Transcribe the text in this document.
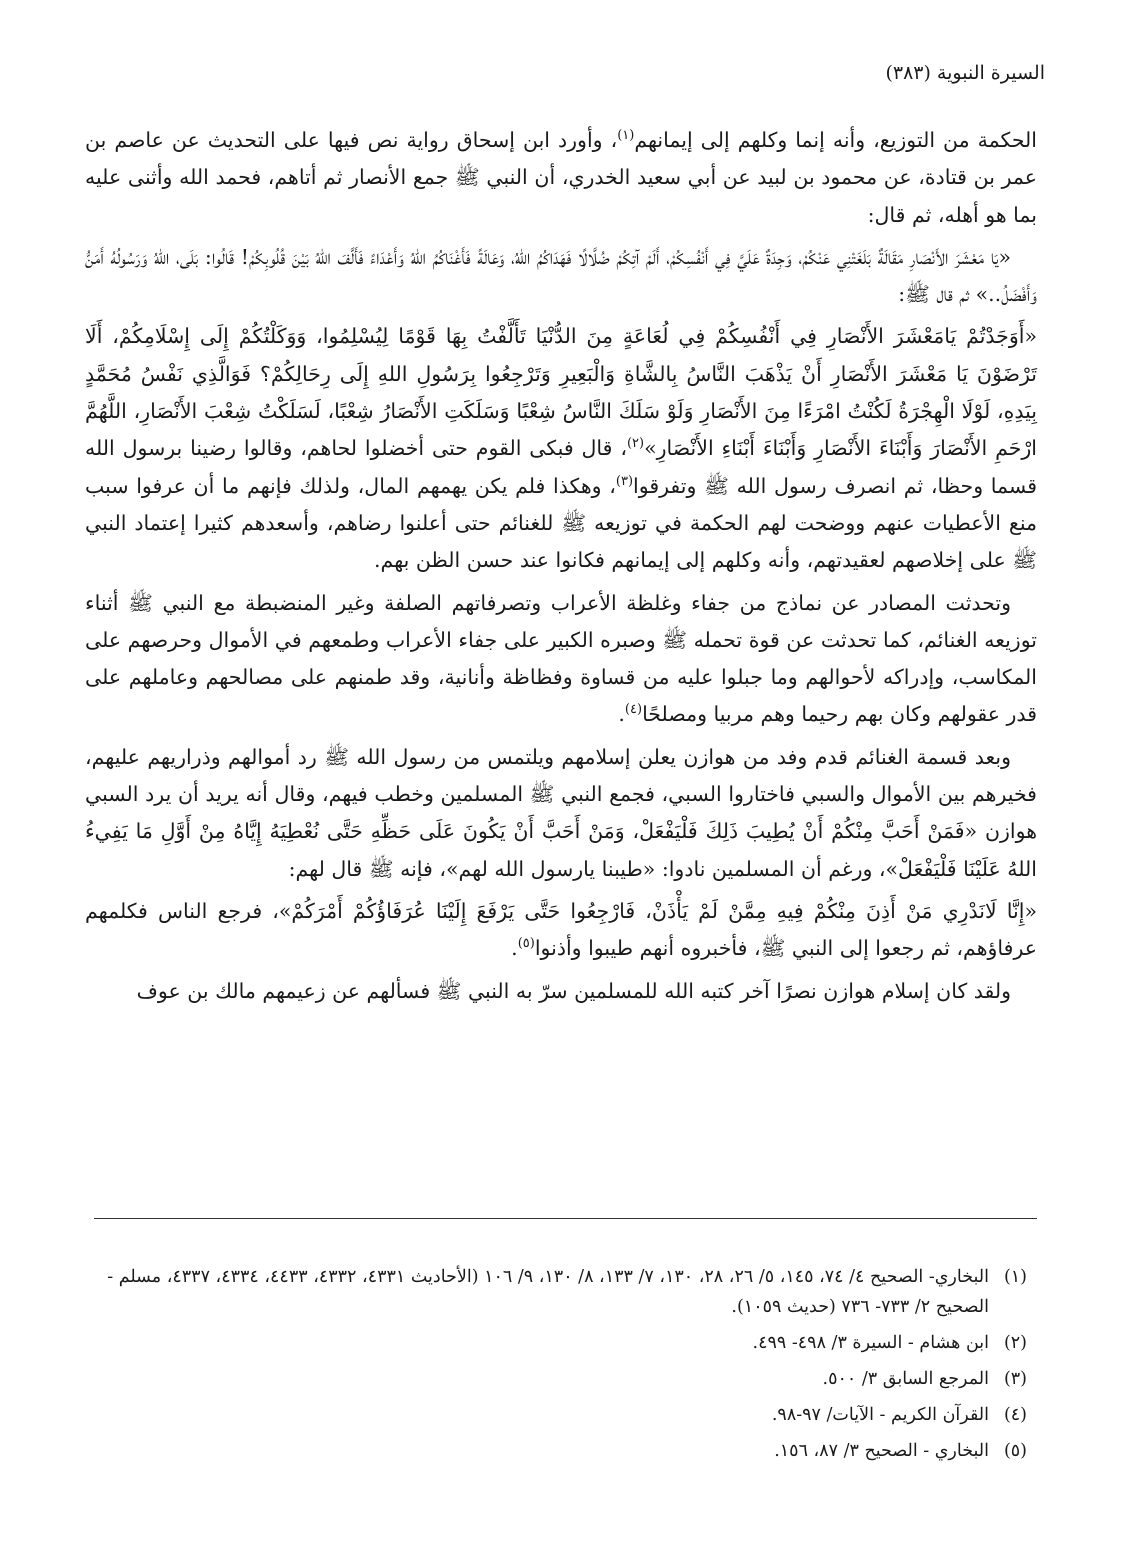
السيرة النبوية (٣٨٣)

الحكمة من التوزيع، وأنه إنما وكلهم إلى إيمانهم$^{(١)}$، وأورد ابن إسحاق رواية نص فيها على التحديث عن عاصم بن عمر بن قتادة، عن محمود بن لبيد عن أبي سعيد الخدري، أن النبي ﷺ جمع الأنصار ثم أتاهم، فحمد الله وأثنى عليه بما هو أهله، ثم قال:

«يَا مَعْشَرَ الأَنْصَارِ مَقَالَةٌ بَلَغَتْنِي عَنْكُمْ، وَجِدَةٌ عَلَيَّ فِي أَنْفُسِكُمْ، أَلَمْ آتِكُمْ ضُلَّالًا فَهَدَاكُمُ اللهُ، وَعَالَةً فَأَغْنَاكُمُ اللهُ وَأَعْدَاءً فَأَلَّفَ اللهُ بَيْنَ قُلُوبِكُمْ! قَالُوا: بَلَى، اللهُ وَرَسُولُهُ أَمَنُّ وَأَفْضَلُ..» ثم قال ﷺ:

«أَوَجَدْتُمْ يَامَعْشَرَ الأَنْصَارِ فِي أَنْفُسِكُمْ فِي لُعَاعَةٍ مِنَ الدُّنْيَا تَأَلَّفْتُ بِهَا قَوْمًا لِيُسْلِمُوا، وَوَكَلْتُكُمْ إِلَى إِسْلَامِكُمْ، أَلَا تَرْضَوْنَ يَا مَعْشَرَ الأَنْصَارِ أَنْ يَذْهَبَ النَّاسُ بِالشَّاةِ وَالْبَعِيرِ وَتَرْجِعُوا بِرَسُولِ اللهِ إِلَى رِحَالِكُمْ؟ فَوَالَّذِي نَفْسُ مُحَمَّدٍ بِيَدِهِ، لَوْلَا الْهِجْرَةُ لَكُنْتُ امْرَءًا مِنَ الأَنْصَارِ وَلَوْ سَلَكَ النَّاسُ شِعْبًا وَسَلَكَتِ الأَنْصَارُ شِعْبًا، لَسَلَكْتُ شِعْبَ الأَنْصَارِ، اللَّهُمَّ ارْحَمِ الأَنْصَارَ وَأَبْنَاءَ الأَنْصَارِ وَأَبْنَاءَ أَبْنَاءِ الأَنْصَارِ»$^{(٢)}$، قال فبكى القوم حتى أخضلوا لحاهم، وقالوا رضينا برسول الله قسما وحظا، ثم انصرف رسول الله ﷺ وتفرقوا$^{(٣)}$، وهكذا فلم يكن يهمهم المال، ولذلك فإنهم ما أن عرفوا سبب منع الأعطيات عنهم ووضحت لهم الحكمة في توزيعه ﷺ للغنائم حتى أعلنوا رضاهم، وأسعدهم كثيرا إعتماد النبي ﷺ على إخلاصهم لعقيدتهم، وأنه وكلهم إلى إيمانهم فكانوا عند حسن الظن بهم.

وتحدثت المصادر عن نماذج من جفاء وغلظة الأعراب وتصرفاتهم الصلفة وغير المنضبطة مع النبي ﷺ أثناء توزيعه الغنائم، كما تحدثت عن قوة تحمله ﷺ وصبره الكبير على جفاء الأعراب وطمعهم في الأموال وحرصهم على المكاسب، وإدراكه لأحوالهم وما جبلوا عليه من قساوة وفظاظة وأنانية، وقد طمنهم على مصالحهم وعاملهم على قدر عقولهم وكان بهم رحيما وهم مربيا ومصلحًا$^{(٤)}$.

وبعد قسمة الغنائم قدم وفد من هوازن يعلن إسلامهم ويلتمس من رسول الله ﷺ رد أموالهم وذراريهم عليهم، فخيرهم بين الأموال والسبي فاختاروا السبي، فجمع النبي ﷺ المسلمين وخطب فيهم، وقال أنه يريد أن يرد السبي هوازن «فَمَنْ أَحَبَّ مِنْكُمْ أَنْ يُطِيبَ ذَلِكَ فَلْيَفْعَلْ، وَمَنْ أَحَبَّ أَنْ يَكُونَ عَلَى حَظِّهِ حَتَّى نُعْطِيَهُ إِيَّاهُ مِنْ أَوَّلِ مَا يَفِيءُ اللهُ عَلَيْنَا فَلْيَفْعَلْ»، ورغم أن المسلمين نادوا: «طيبنا يارسول الله لهم»، فإنه ﷺ قال لهم:

«إِنَّا لَانَدْرِي مَنْ أَذِنَ مِنْكُمْ فِيهِ مِمَّنْ لَمْ يَأْذَنْ، فَارْجِعُوا حَتَّى يَرْفَعَ إِلَيْنَا عُرَفَاؤُكُمْ أَمْرَكُمْ»، فرجع الناس فكلمهم عرفاؤهم، ثم رجعوا إلى النبي ﷺ، فأخبروه أنهم طيبوا وأذنوا$^{(٥)}$.

ولقد كان إسلام هوازن نصرًا آخر كتبه الله للمسلمين سرّ به النبي ﷺ فسألهم عن زعيمهم مالك بن عوف

(١)
البخاري- الصحيح ٤/ ٧٤، ١٤٥، ٥/ ٢٦، ٢٨، ١٣٠، ٧/ ١٣٣، ٨/ ١٣٠، ٩/ ١٠٦ (الأحاديث ٤٣٣١، ٤٣٣٢، ٤٤٣٣، ٤٣٣٤، ٤٣٣٧، مسلم - الصحيح ٢/ ٧٣٣- ٧٣٦ (حديث ١٠٥٩).
(٢)
ابن هشام - السيرة ٣/ ٤٩٨- ٤٩٩.
(٣)
المرجع السابق ٣/ ٥٠٠.
(٤)
القرآن الكريم - الآيات/ ٩٧-٩٨.
(٥)
البخاري - الصحيح ٣/ ٨٧، ١٥٦.
